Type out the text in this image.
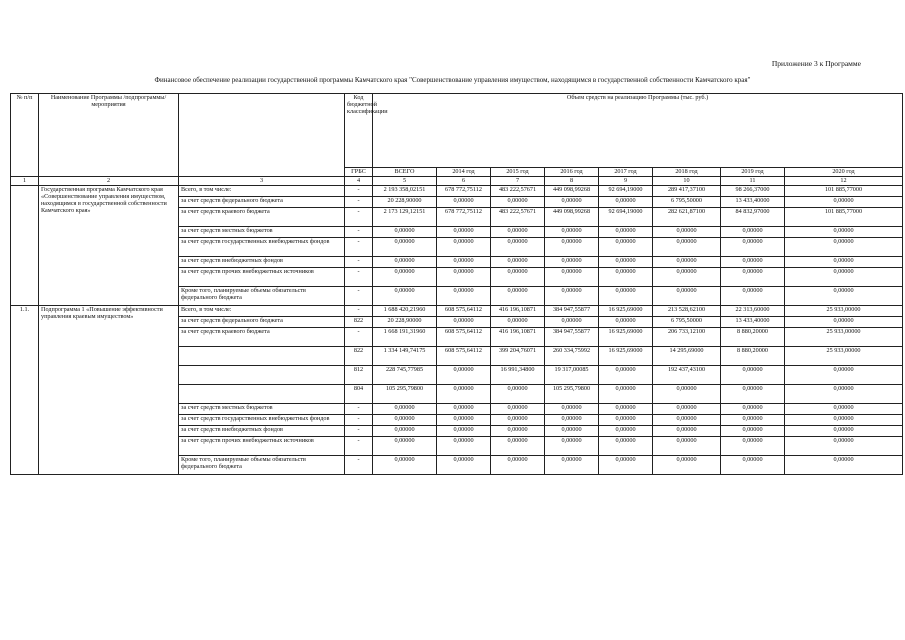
Приложение 3 к Программе
Финансовое обеспечение реализации государственной программы Камчатского края "Совершенствование управления имуществом, находящимся в государственной собственности Камчатского края"
№ п/п	Наименование Программы /подпрограммы/ мероприятия		Код бюджетной классификации	Объем средств на реализацию Программы (тыс. руб.)							
			ГРБС	ВСЕГО	2014 год	2015 год	2016 год	2017 год	2018 год	2019 год	2020 год
1	2	3	4	5	6	7	8	9	10	11	12
	Государственная программа Камчатского края «Совершенствование управления имуществом, находящимся в государственной собственности Камчатского края»	Всего, в том числе:	-	2 193 358,02151	678 772,75112	483 222,57671	449 098,99268	92 694,19000	289 417,37100	98 266,37000	101 885,77000
		за счет средств федерального бюджета	-	20 228,90000	0,00000	0,00000	0,00000	0,00000	6 795,50000	13 433,40000	0,00000
		за счет средств краевого бюджета	-	2 173 129,12151	678 772,75112	483 222,57671	449 098,99268	92 694,19000	282 621,87100	84 832,97000	101 885,77000
		за счет средств местных бюджетов	-	0,00000	0,00000	0,00000	0,00000	0,00000	0,00000	0,00000	0,00000
		за счет средств государственных внебюджетных фондов	-	0,00000	0,00000	0,00000	0,00000	0,00000	0,00000	0,00000	0,00000
		за счет средств внебюджетных фондов	-	0,00000	0,00000	0,00000	0,00000	0,00000	0,00000	0,00000	0,00000
		за счет средств прочих внебюджетных источников	-	0,00000	0,00000	0,00000	0,00000	0,00000	0,00000	0,00000	0,00000
		Кроме того, планируемые объемы обязательств федерального бюджета	-	0,00000	0,00000	0,00000	0,00000	0,00000	0,00000	0,00000	0,00000
1.1.	Подпрограмма 1 «Повышение эффективности управления краевым имуществом»	Всего, в том числе:	-	1 688 420,21960	608 575,64112	416 196,10871	384 947,55877	16 925,69000	213 528,62100	22 313,60000	25 933,00000
		за счет средств федерального бюджета	822	20 228,90000	0,00000	0,00000	0,00000	0,00000	6 795,50000	13 433,40000	0,00000
		за счет средств краевого бюджета	-	1 668 191,31960	608 575,64112	416 196,10871	384 947,55877	16 925,69000	206 733,12100	8 880,20000	25 933,00000
			822	1 334 149,74175	608 575,64112	399 204,76071	260 334,75992	16 925,69000	14 295,69000	8 880,20000	25 933,00000
			812	228 745,77985	0,00000	16 991,34800	19 317,00085	0,00000	192 437,43100	0,00000	0,00000
			804	105 295,79800	0,00000	0,00000	105 295,79800	0,00000	0,00000	0,00000	0,00000
		за счет средств местных бюджетов	-	0,00000	0,00000	0,00000	0,00000	0,00000	0,00000	0,00000	0,00000
		за счет средств государственных внебюджетных фондов	-	0,00000	0,00000	0,00000	0,00000	0,00000	0,00000	0,00000	0,00000
		за счет средств внебюджетных фондов	-	0,00000	0,00000	0,00000	0,00000	0,00000	0,00000	0,00000	0,00000
		за счет средств прочих внебюджетных источников	-	0,00000	0,00000	0,00000	0,00000	0,00000	0,00000	0,00000	0,00000
		Кроме того, планируемые объемы обязательств федерального бюджета	-	0,00000	0,00000	0,00000	0,00000	0,00000	0,00000	0,00000	0,00000
